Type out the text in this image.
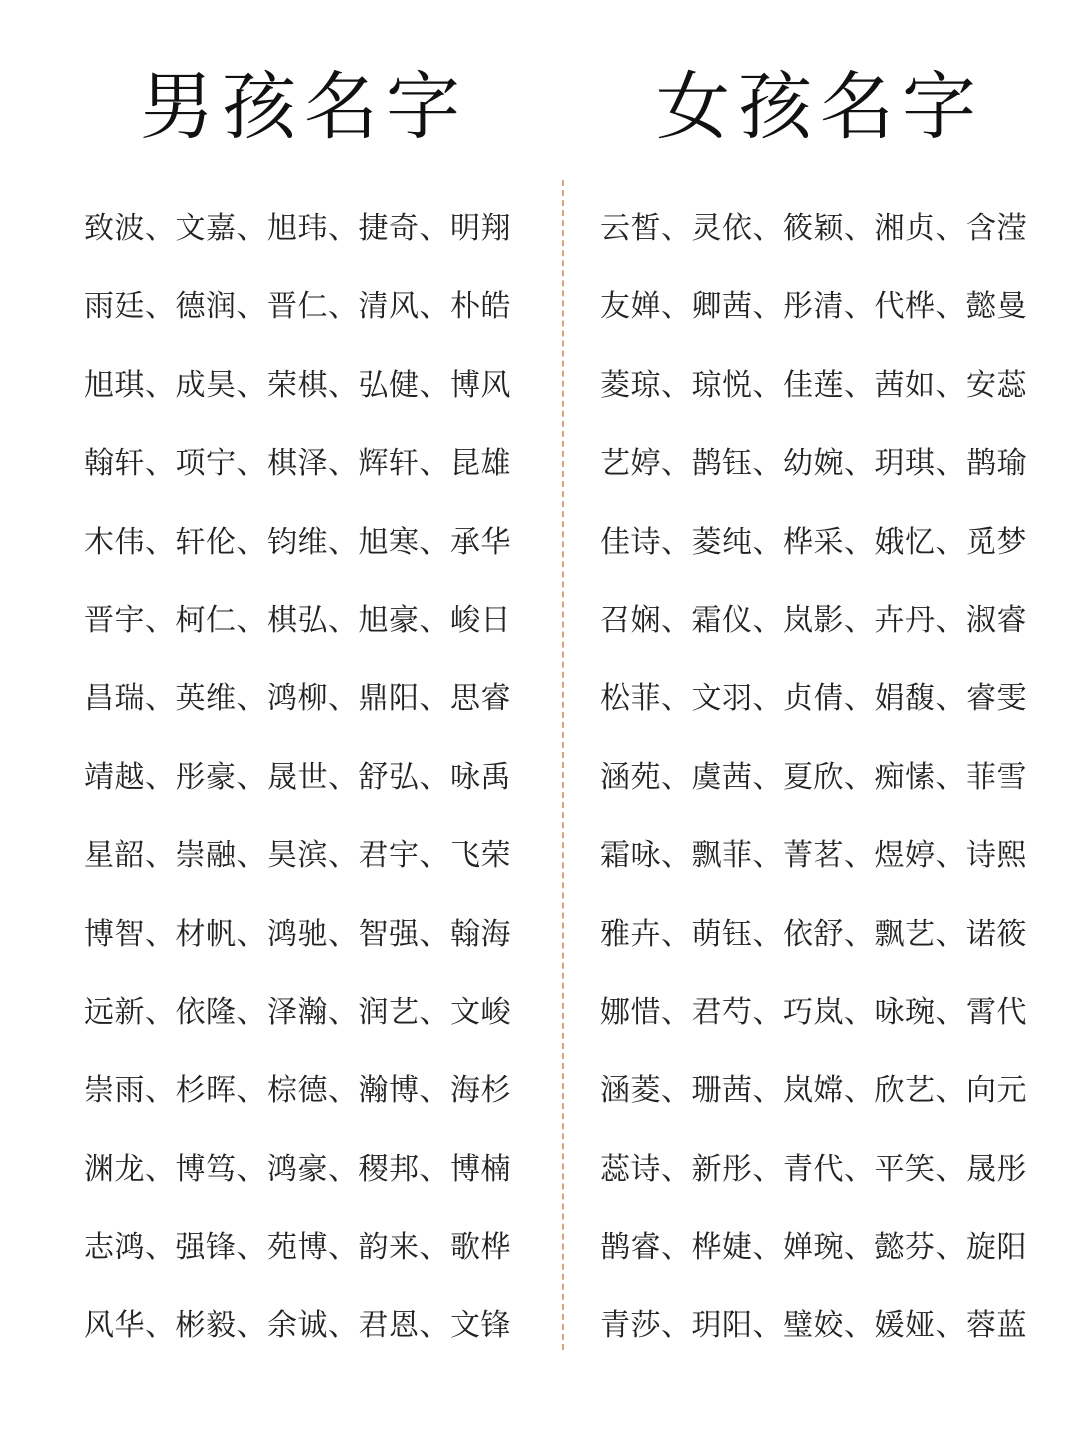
男孩名字	女孩名字
致波、文嘉、旭玮、捷奇、明翔
雨廷、德润、晋仁、清风、朴皓
旭琪、成昊、荣棋、弘健、博风
翰轩、项宁、棋泽、辉轩、昆雄
木伟、轩伦、钧维、旭寒、承华
晋宇、柯仁、棋弘、旭豪、峻日
昌瑞、英维、鸿柳、鼎阳、思睿
靖越、彤豪、晟世、舒弘、咏禹
星韶、崇融、昊滨、君宇、飞荣
博智、材帆、鸿驰、智强、翰海
远新、依隆、泽瀚、润艺、文峻
崇雨、杉晖、棕德、瀚博、海杉
渊龙、博笃、鸿豪、稷邦、博楠
志鸿、强锋、苑博、韵来、歌桦
风华、彬毅、余诚、君恩、文锋
云皙、灵依、筱颖、湘贞、含滢
友婵、卿茜、彤清、代桦、懿曼
菱琼、琼悦、佳莲、茜如、安蕊
艺婷、鹊钰、幼婉、玥琪、鹊瑜
佳诗、菱纯、桦采、娥忆、觅梦
召娴、霜仪、岚影、卉丹、淑睿
松菲、文羽、贞倩、娟馥、睿雯
涵苑、虞茜、夏欣、痴愫、菲雪
霜咏、飘菲、菁茗、煜婷、诗熙
雅卉、萌钰、依舒、飘艺、诺筱
娜惜、君芍、巧岚、咏琬、霄代
涵菱、珊茜、岚嫦、欣艺、向元
蕊诗、新彤、青代、平笑、晟彤
鹊睿、桦婕、婵琬、懿芬、旋阳
青莎、玥阳、璧姣、媛娅、蓉蓝
